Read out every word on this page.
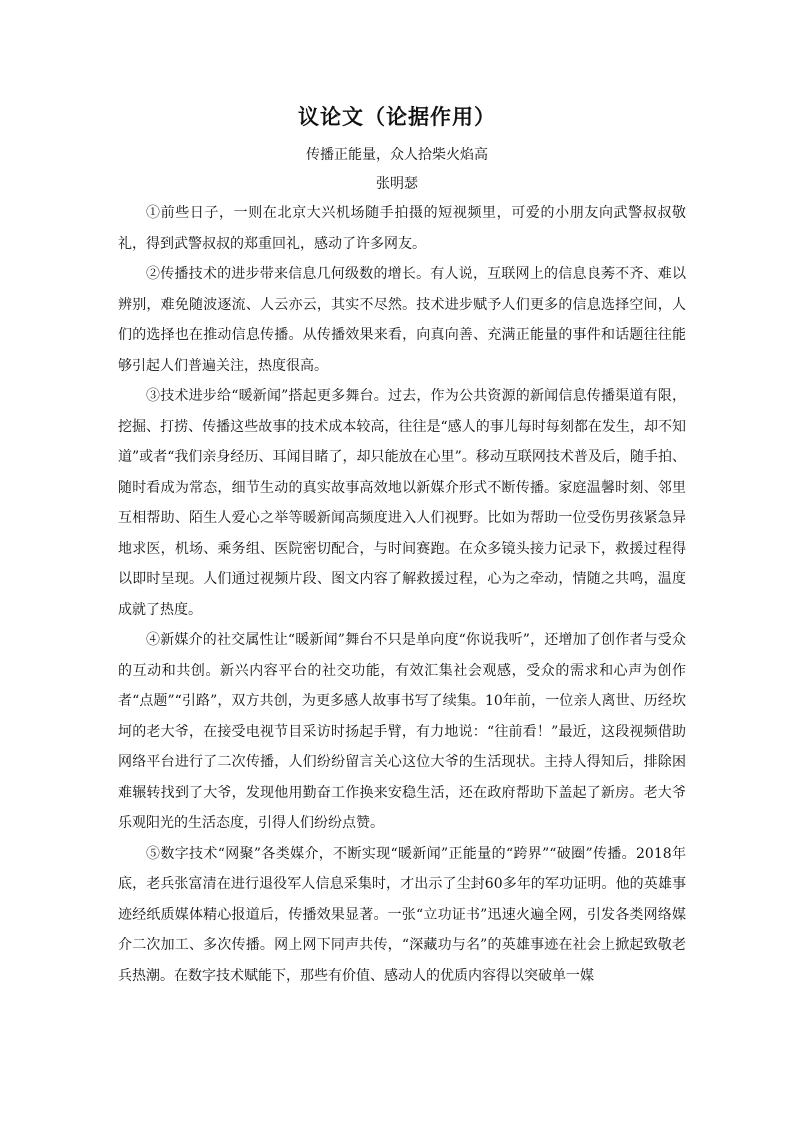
议论文（论据作用）
传播正能量，众人拾柴火焰高
张明瑟

①前些日子，一则在北京大兴机场随手拍摄的短视频里，可爱的小朋友向武警叔叔敬礼，得到武警叔叔的郑重回礼，感动了许多网友。

②传播技术的进步带来信息几何级数的增长。有人说，互联网上的信息良莠不齐、难以辨别，难免随波逐流、人云亦云，其实不尽然。技术进步赋予人们更多的信息选择空间，人们的选择也在推动信息传播。从传播效果来看，向真向善、充满正能量的事件和话题往往能够引起人们普遍关注，热度很高。

③技术进步给“暖新闻”搭起更多舞台。过去，作为公共资源的新闻信息传播渠道有限，挖掘、打捞、传播这些故事的技术成本较高，往往是“感人的事儿每时每刻都在发生，却不知道”或者“我们亲身经历、耳闻目睹了，却只能放在心里”。移动互联网技术普及后，随手拍、随时看成为常态，细节生动的真实故事高效地以新媒介形式不断传播。家庭温馨时刻、邻里互相帮助、陌生人爱心之举等暖新闻高频度进入人们视野。比如为帮助一位受伤男孩紧急异地求医，机场、乘务组、医院密切配合，与时间赛跑。在众多镜头接力记录下，救援过程得以即时呈现。人们通过视频片段、图文内容了解救援过程，心为之牵动，情随之共鸣，温度成就了热度。

④新媒介的社交属性让“暖新闻”舞台不只是单向度“你说我听”，还增加了创作者与受众的互动和共创。新兴内容平台的社交功能，有效汇集社会观感，受众的需求和心声为创作者“点题”“引路”，双方共创，为更多感人故事书写了续集。10年前，一位亲人离世、历经坎坷的老大爷，在接受电视节目采访时扬起手臂，有力地说：“往前看！”最近，这段视频借助网络平台进行了二次传播，人们纷纷留言关心这位大爷的生活现状。主持人得知后，排除困难辗转找到了大爷，发现他用勤奋工作换来安稳生活，还在政府帮助下盖起了新房。老大爷乐观阳光的生活态度，引得人们纷纷点赞。

⑤数字技术“网聚”各类媒介，不断实现“暖新闻”正能量的“跨界”“破圈”传播。2018年底，老兵张富清在进行退役军人信息采集时，才出示了尘封60多年的军功证明。他的英雄事迹经纸质媒体精心报道后，传播效果显著。一张“立功证书”迅速火遍全网，引发各类网络媒介二次加工、多次传播。网上网下同声共传，“深藏功与名”的英雄事迹在社会上掀起致敬老兵热潮。在数字技术赋能下，那些有价值、感动人的优质内容得以突破单一媒
